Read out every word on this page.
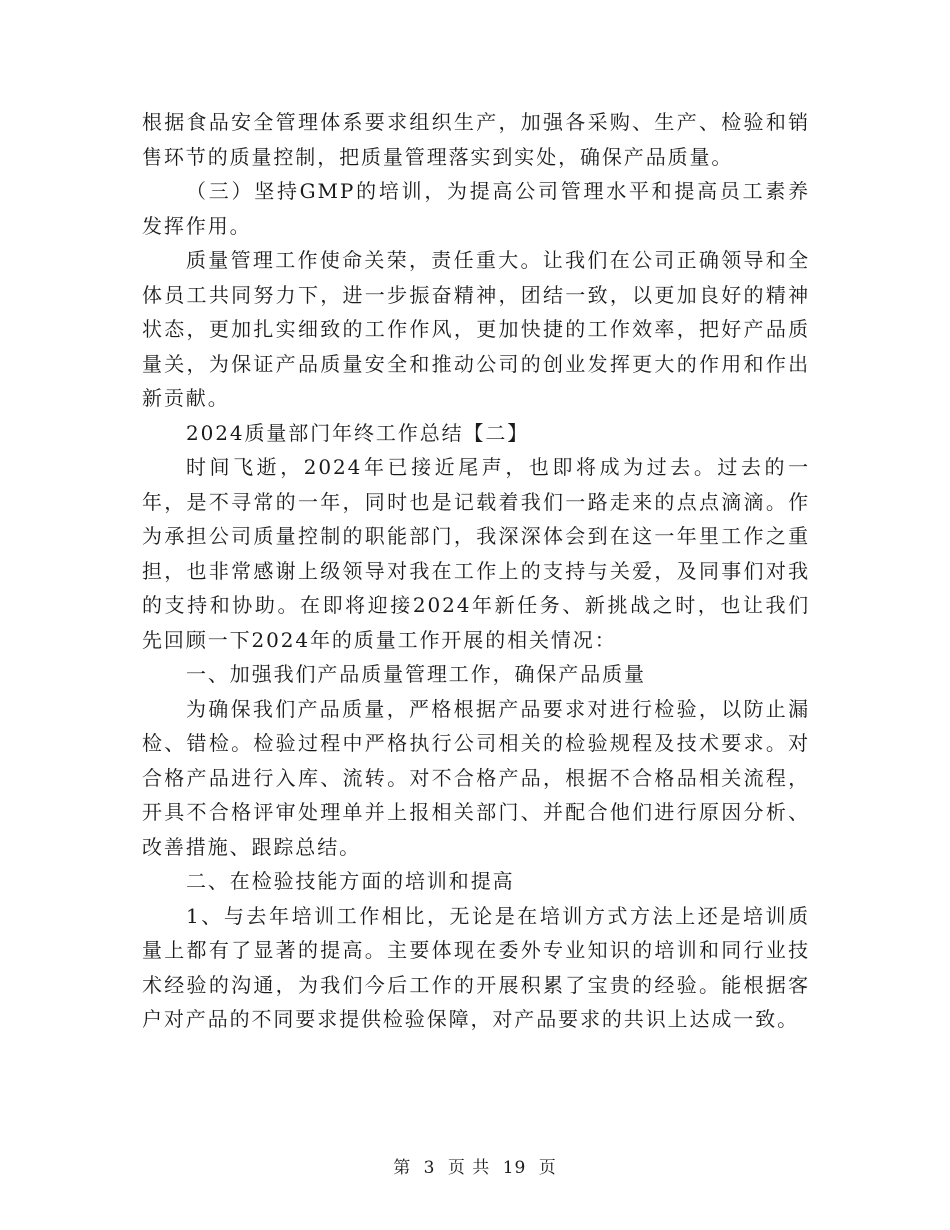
根据食品安全管理体系要求组织生产，加强各采购、生产、检验和销售环节的质量控制，把质量管理落实到实处，确保产品质量。

（三）坚持GMP的培训，为提高公司管理水平和提高员工素养发挥作用。

质量管理工作使命关荣，责任重大。让我们在公司正确领导和全体员工共同努力下，进一步振奋精神，团结一致，以更加良好的精神状态，更加扎实细致的工作作风，更加快捷的工作效率，把好产品质量关，为保证产品质量安全和推动公司的创业发挥更大的作用和作出新贡献。

2024质量部门年终工作总结【二】

时间飞逝，2024年已接近尾声，也即将成为过去。过去的一年，是不寻常的一年，同时也是记载着我们一路走来的点点滴滴。作为承担公司质量控制的职能部门，我深深体会到在这一年里工作之重担，也非常感谢上级领导对我在工作上的支持与关爱，及同事们对我的支持和协助。在即将迎接2024年新任务、新挑战之时，也让我们先回顾一下2024年的质量工作开展的相关情况：

一、加强我们产品质量管理工作，确保产品质量

为确保我们产品质量，严格根据产品要求对进行检验，以防止漏检、错检。检验过程中严格执行公司相关的检验规程及技术要求。对合格产品进行入库、流转。对不合格产品，根据不合格品相关流程，开具不合格评审处理单并上报相关部门、并配合他们进行原因分析、改善措施、跟踪总结。

二、在检验技能方面的培训和提高

1、与去年培训工作相比，无论是在培训方式方法上还是培训质量上都有了显著的提高。主要体现在委外专业知识的培训和同行业技术经验的沟通，为我们今后工作的开展积累了宝贵的经验。能根据客户对产品的不同要求提供检验保障，对产品要求的共识上达成一致。

第 3 页 共 19 页
